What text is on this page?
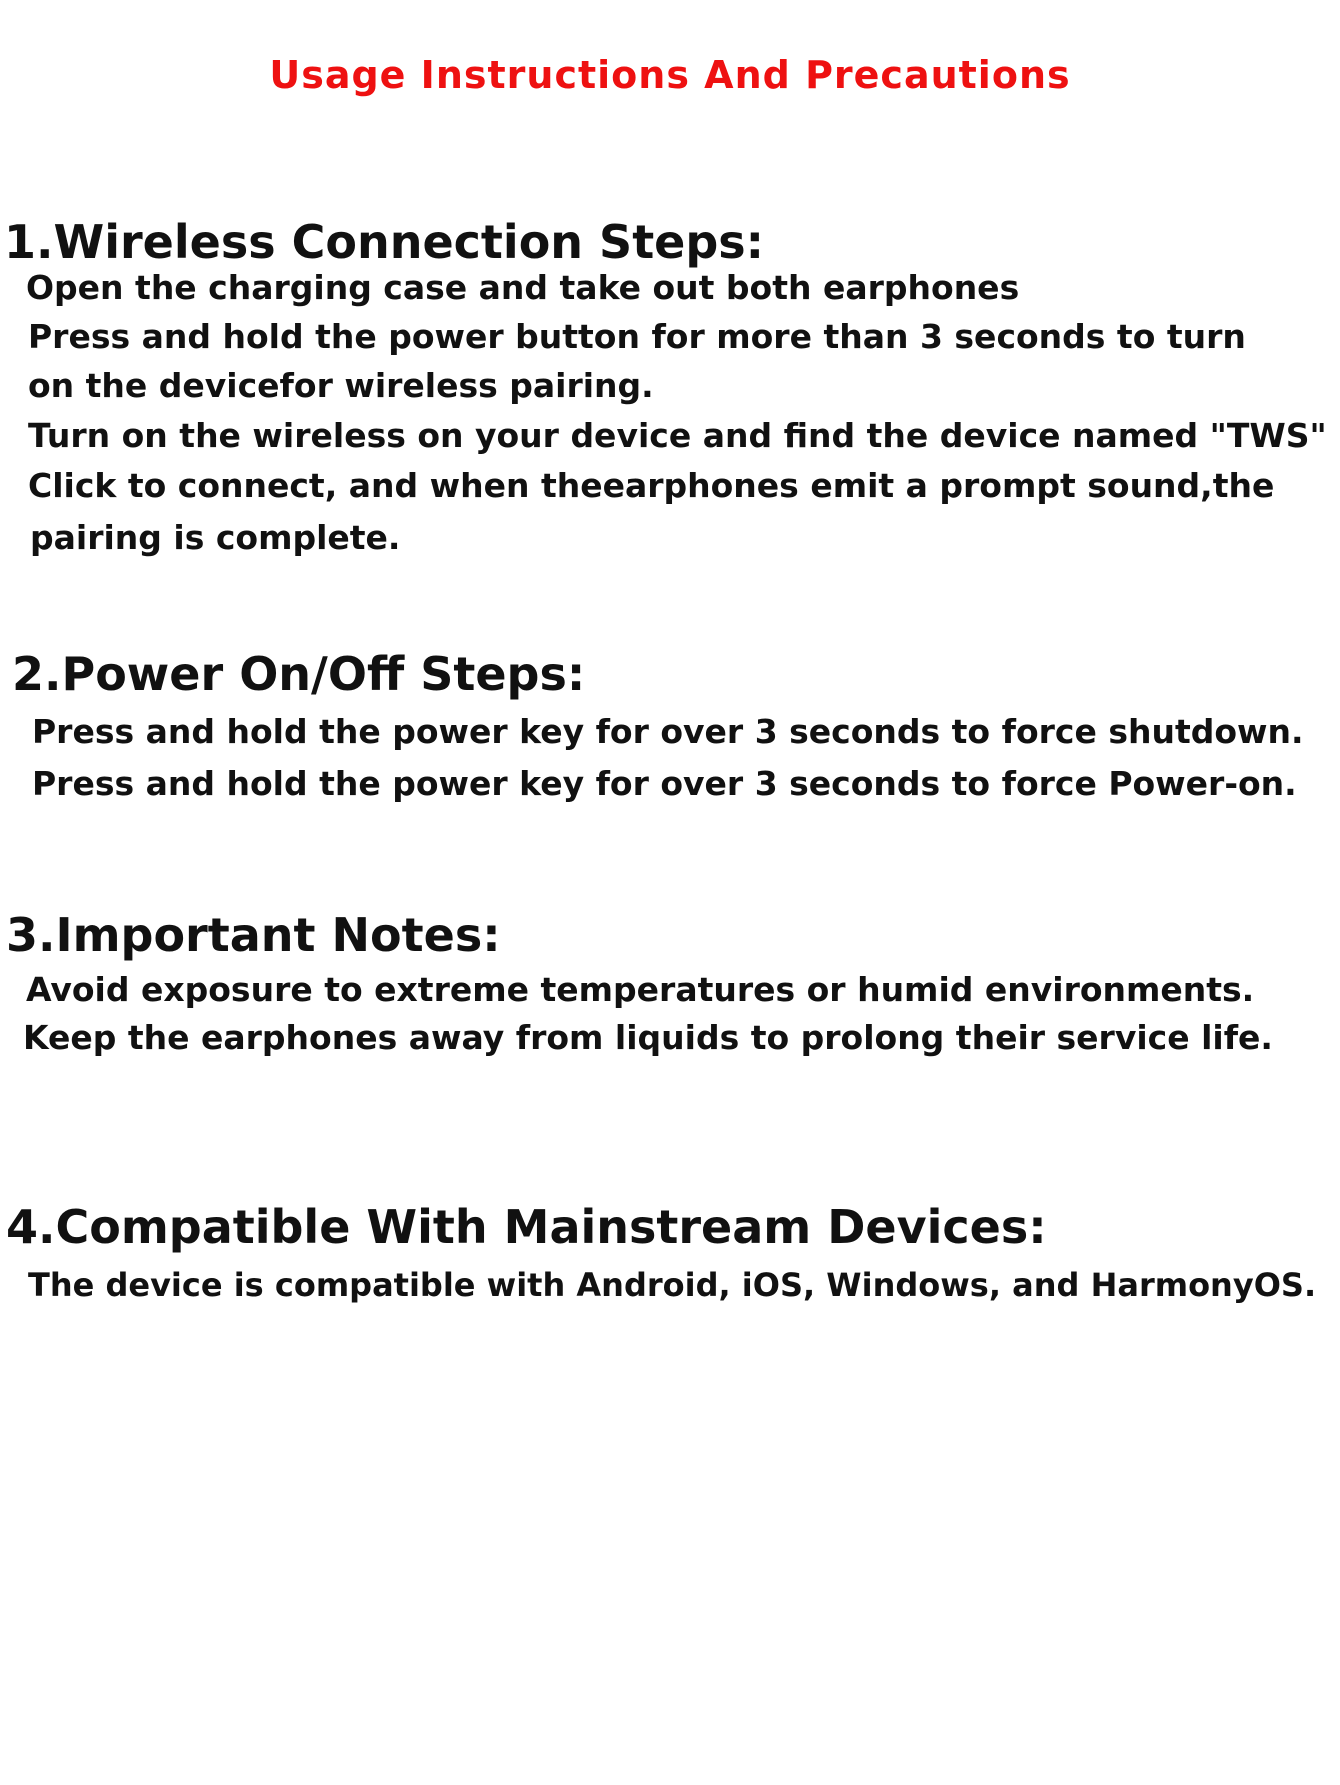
Usage Instructions And Precautions
1.Wireless Connection Steps:

Open the charging case and take out both earphones

Press and hold the power button for more than 3 seconds to turn

on the devicefor wireless pairing.

Turn on the wireless on your device and find the device named "TWS"

Click to connect, and when theearphones emit a prompt sound,the

pairing is complete.

2.Power On/Off Steps:

Press and hold the power key for over 3 seconds to force shutdown.

Press and hold the power key for over 3 seconds to force Power-on.

3.Important Notes:

Avoid exposure to extreme temperatures or humid environments.

Keep the earphones away from liquids to prolong their service life.

4.Compatible With Mainstream Devices:

The device is compatible with Android, iOS, Windows, and HarmonyOS.
